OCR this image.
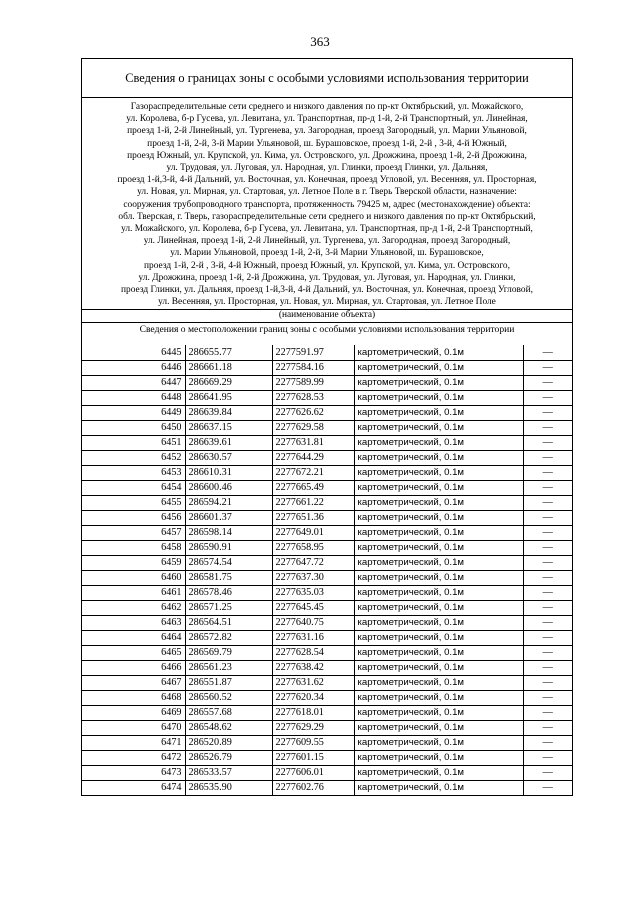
363
Сведения о границах зоны с особыми условиями использования территории
Газораспределительные сети среднего и низкого давления по пр-кт Октябрьский, ул. Можайского,
ул. Королева, б-р Гусева, ул. Левитана, ул. Транспортная, пр-д 1-й, 2-й Транспортный, ул. Линейная,
проезд 1-й, 2-й Линейный, ул. Тургенева, ул. Загородная, проезд Загородный, ул. Марии Ульяновой,
проезд 1-й, 2-й, 3-й Марии Ульяновой, ш. Бурашовское, проезд 1-й, 2-й , 3-й, 4-й Южный,
проезд Южный, ул. Крупской, ул. Кима, ул. Островского, ул. Дрожжина, проезд 1-й, 2-й Дрожжина,
ул. Трудовая, ул. Луговая, ул. Народная, ул. Глинки, проезд Глинки, ул. Дальняя,
проезд 1-й,3-й, 4-й Дальний, ул. Восточная, ул. Конечная, проезд Угловой, ул. Весенняя, ул. Просторная,
ул. Новая, ул. Мирная, ул. Стартовая, ул. Летное Поле в г. Тверь Тверской области, назначение:
сооружения трубопроводного транспорта, протяженность 79425 м, адрес (местонахождение) объекта:
обл. Тверская, г. Тверь, газораспределительные сети среднего и низкого давления по пр-кт Октябрьский,
ул. Можайского, ул. Королева, б-р Гусева, ул. Левитана, ул. Транспортная, пр-д 1-й, 2-й Транспортный,
ул. Линейная, проезд 1-й, 2-й Линейный, ул. Тургенева, ул. Загородная, проезд Загородный,
ул. Марии Ульяновой, проезд 1-й, 2-й, 3-й Марии Ульяновой, ш. Бурашовское,
проезд 1-й, 2-й , 3-й, 4-й Южный, проезд Южный, ул. Крупской, ул. Кима, ул. Островского,
ул. Дрожжина, проезд 1-й, 2-й Дрожжина, ул. Трудовая, ул. Луговая, ул. Народная, ул. Глинки,
проезд Глинки, ул. Дальняя, проезд 1-й,3-й, 4-й Дальний, ул. Восточная, ул. Конечная, проезд Угловой,
ул. Весенняя, ул. Просторная, ул. Новая, ул. Мирная, ул. Стартовая, ул. Летное Поле
(наименование объекта)
Сведения о местоположении границ зоны с особыми условиями использования территории
6445	286655.77	2277591.97	картометрический, 0.1м	—
6446	286661.18	2277584.16	картометрический, 0.1м	—
6447	286669.29	2277589.99	картометрический, 0.1м	—
6448	286641.95	2277628.53	картометрический, 0.1м	—
6449	286639.84	2277626.62	картометрический, 0.1м	—
6450	286637.15	2277629.58	картометрический, 0.1м	—
6451	286639.61	2277631.81	картометрический, 0.1м	—
6452	286630.57	2277644.29	картометрический, 0.1м	—
6453	286610.31	2277672.21	картометрический, 0.1м	—
6454	286600.46	2277665.49	картометрический, 0.1м	—
6455	286594.21	2277661.22	картометрический, 0.1м	—
6456	286601.37	2277651.36	картометрический, 0.1м	—
6457	286598.14	2277649.01	картометрический, 0.1м	—
6458	286590.91	2277658.95	картометрический, 0.1м	—
6459	286574.54	2277647.72	картометрический, 0.1м	—
6460	286581.75	2277637.30	картометрический, 0.1м	—
6461	286578.46	2277635.03	картометрический, 0.1м	—
6462	286571.25	2277645.45	картометрический, 0.1м	—
6463	286564.51	2277640.75	картометрический, 0.1м	—
6464	286572.82	2277631.16	картометрический, 0.1м	—
6465	286569.79	2277628.54	картометрический, 0.1м	—
6466	286561.23	2277638.42	картометрический, 0.1м	—
6467	286551.87	2277631.62	картометрический, 0.1м	—
6468	286560.52	2277620.34	картометрический, 0.1м	—
6469	286557.68	2277618.01	картометрический, 0.1м	—
6470	286548.62	2277629.29	картометрический, 0.1м	—
6471	286520.89	2277609.55	картометрический, 0.1м	—
6472	286526.79	2277601.15	картометрический, 0.1м	—
6473	286533.57	2277606.01	картометрический, 0.1м	—
6474	286535.90	2277602.76	картометрический, 0.1м	—
